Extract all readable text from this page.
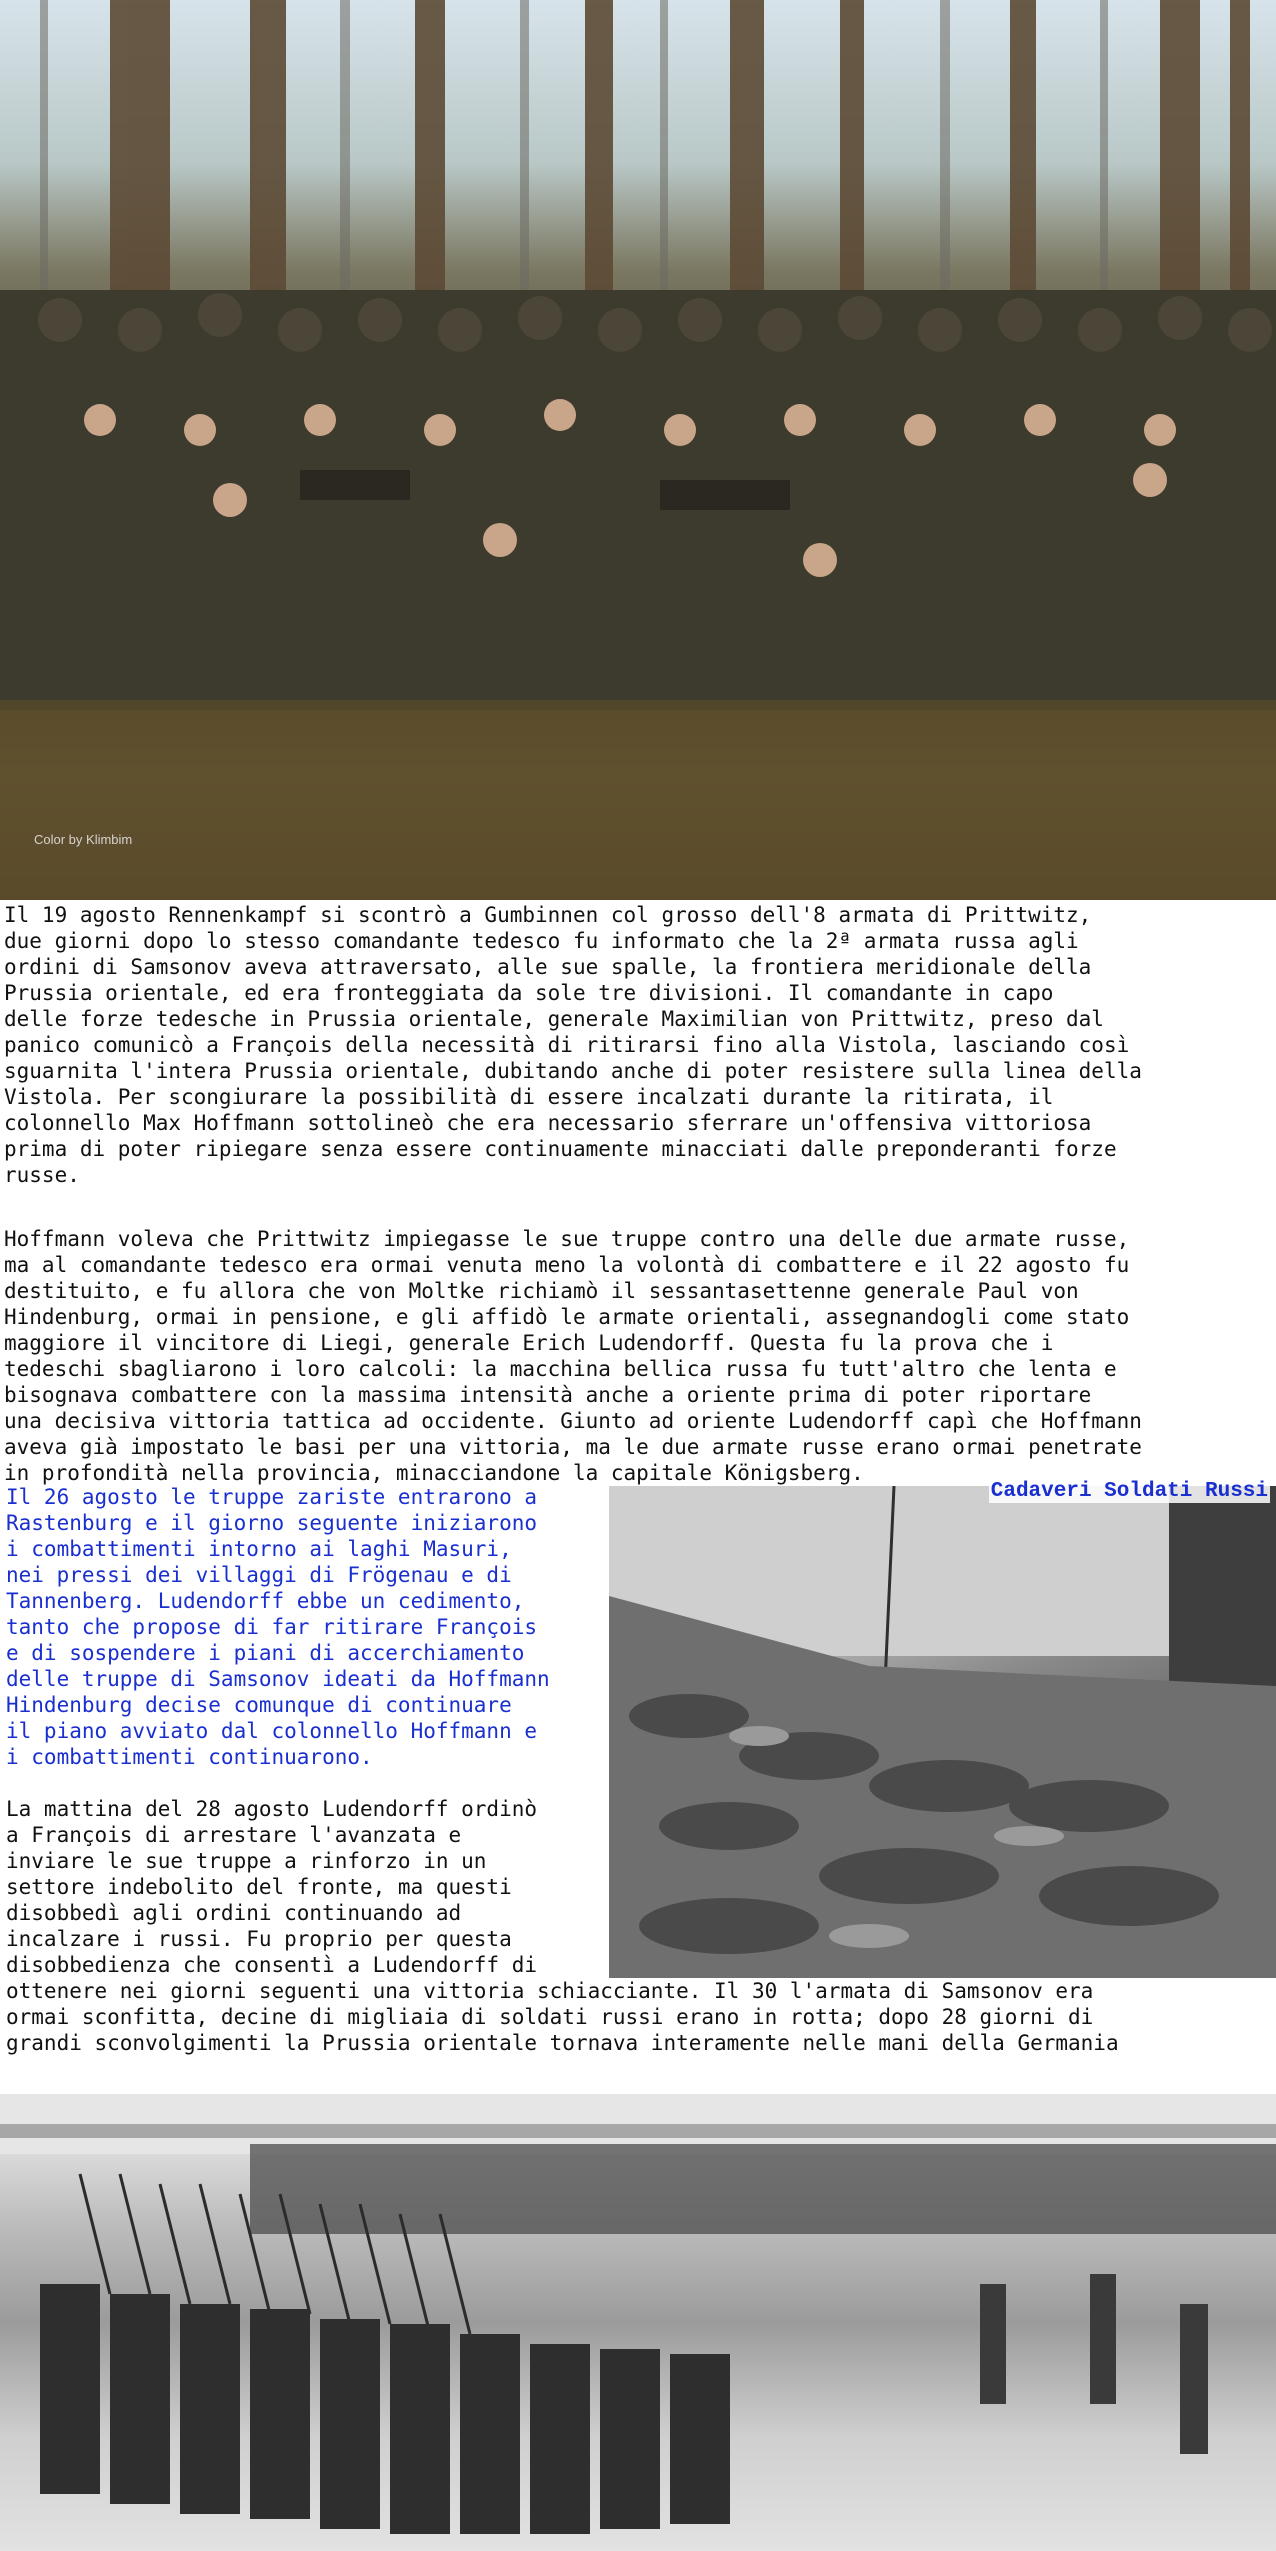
Color by Klimbim
Il 19 agosto Rennenkampf si scontrò a Gumbinnen col grosso dell'8 armata di Prittwitz,
due giorni dopo lo stesso comandante tedesco fu informato che la 2ª armata russa agli
ordini di Samsonov aveva attraversato, alle sue spalle, la frontiera meridionale della
Prussia orientale, ed era fronteggiata da sole tre divisioni. Il comandante in capo
delle forze tedesche in Prussia orientale, generale Maximilian von Prittwitz, preso dal
panico comunicò a François della necessità di ritirarsi fino alla Vistola, lasciando così
sguarnita l'intera Prussia orientale, dubitando anche di poter resistere sulla linea della
Vistola. Per scongiurare la possibilità di essere incalzati durante la ritirata, il
colonnello Max Hoffmann sottolineò che era necessario sferrare un'offensiva vittoriosa
prima di poter ripiegare senza essere continuamente minacciati dalle preponderanti forze
russe.
Hoffmann voleva che Prittwitz impiegasse le sue truppe contro una delle due armate russe,
ma al comandante tedesco era ormai venuta meno la volontà di combattere e il 22 agosto fu
destituito, e fu allora che von Moltke richiamò il sessantasettenne generale Paul von
Hindenburg, ormai in pensione, e gli affidò le armate orientali, assegnandogli come stato
maggiore il vincitore di Liegi, generale Erich Ludendorff. Questa fu la prova che i
tedeschi sbagliarono i loro calcoli: la macchina bellica russa fu tutt'altro che lenta e
bisognava combattere con la massima intensità anche a oriente prima di poter riportare
una decisiva vittoria tattica ad occidente. Giunto ad oriente Ludendorff capì che Hoffmann
aveva già impostato le basi per una vittoria, ma le due armate russe erano ormai penetrate
in profondità nella provincia, minacciandone la capitale Königsberg.
Cadaveri Soldati Russi
Il 26 agosto le truppe zariste entrarono a
Rastenburg e il giorno seguente iniziarono
i combattimenti intorno ai laghi Masuri,
nei pressi dei villaggi di Frögenau e di
Tannenberg. Ludendorff ebbe un cedimento,
tanto che propose di far ritirare François
e di sospendere i piani di accerchiamento
delle truppe di Samsonov ideati da Hoffmann
Hindenburg decise comunque di continuare
il piano avviato dal colonnello Hoffmann e
i combattimenti continuarono.
La mattina del 28 agosto Ludendorff ordinò
a François di arrestare l'avanzata e
inviare le sue truppe a rinforzo in un
settore indebolito del fronte, ma questi
disobbedì agli ordini continuando ad
incalzare i russi. Fu proprio per questa
disobbedienza che consentì a Ludendorff di
ottenere nei giorni seguenti una vittoria schiacciante. Il 30 l'armata di Samsonov era
ormai sconfitta, decine di migliaia di soldati russi erano in rotta; dopo 28 giorni di
grandi sconvolgimenti la Prussia orientale tornava interamente nelle mani della Germania
